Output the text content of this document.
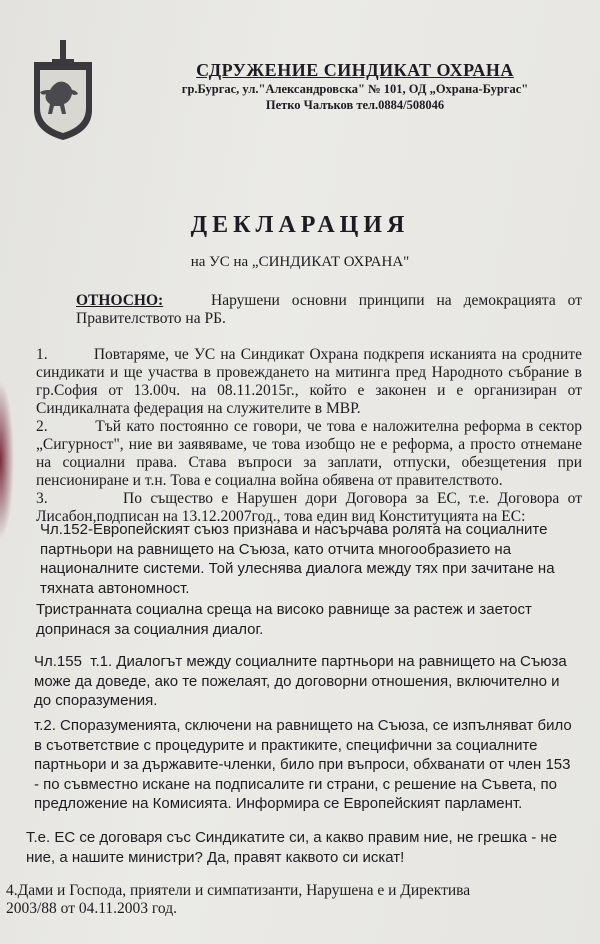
СДРУЖЕНИЕ СИНДИКАТ ОХРАНА
гр.Бургас, ул."Александровска" № 101, ОД „Охрана-Бургас"
Петко Чалъков тел.0884/508046
ДЕКЛАРАЦИЯ
на УС на „СИНДИКАТ ОХРАНА"
ОТНОСНО:	Нарушени основни принципи на демокрацията от
Правителството на РБ.
1.         Повтаряме, че УС на Синдикат Охрана подкрепя исканията на сродните
синдикати и ще участва в провеждането на митинга пред Народното събрание в
гр.София от 13.00ч. на 08.11.2015г., който е законен и е организиран от
Синдикалната федерация на служителите в МВР.
2.         Тъй като постоянно се говори, че това е наложителна реформа в сектор
„Сигурност", ние ви заявяваме, че това изобщо не е реформа, а просто отнемане
на социални права. Става въпроси за заплати, отпуски, обезщетения при
пенсиониране и т.н. Това е социална война обявена от правителството.
3.         По същество е Нарушен дори Договора за ЕС, т.е. Договора от
Лисабон,подписан на 13.12.2007год., това един вид Конституцията на ЕС:
Чл.152-Европейският съюз признава и насърчава ролята на социалните
партньори на равнището на Съюза, като отчита многообразието на
националните системи. Той улеснява диалога между тях при зачитане на
тяхната автономност.
Тристранната социална среща на високо равнище за растеж и заетост
допринася за социалния диалог.
Чл.155  т.1. Диалогът между социалните партньори на равнището на Съюза
може да доведе, ако те пожелаят, до договорни отношения, включително и
до споразумения.
т.2. Споразуменията, сключени на равнището на Съюза, се изпълняват било
в съответствие с процедурите и практиките, специфични за социалните
партньори и за държавите-членки, било при въпроси, обхванати от член 153
- по съвместно искане на подписалите ги страни, с решение на Съвета, по
предложение на Комисията. Информира се Европейският парламент.
Т.е. ЕС се договаря със Синдикатите си, а какво правим ние, не грешка - не
ние, а нашите министри? Да, правят каквото си искат!
4.Дами и Господа, приятели и симпатизанти, Нарушена е и Директива
2003/88 от 04.11.2003 год.
